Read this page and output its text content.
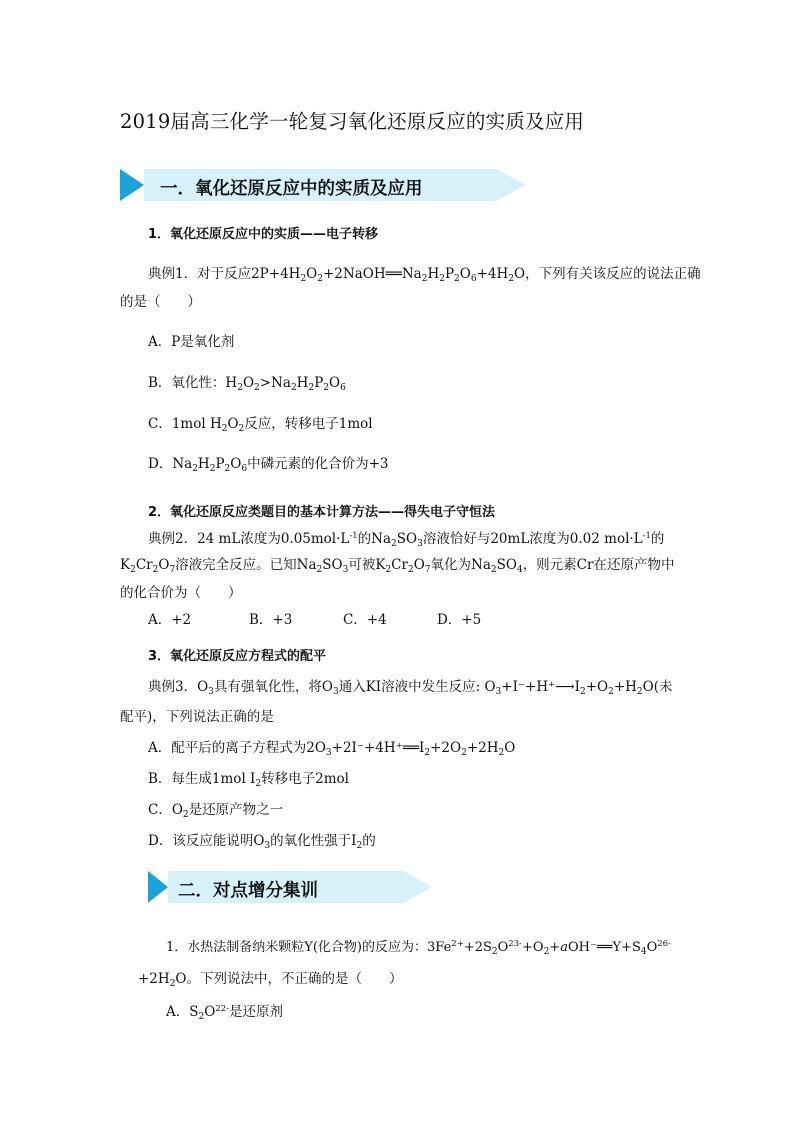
2019届高三化学一轮复习氧化还原反应的实质及应用
一．氧化还原反应中的实质及应用
1．氧化还原反应中的实质——电子转移
典例1．对于反应$2P+4H_2O_2+2NaOH══Na_2H_2P_2O_6+4H_2O$，下列有关该反应的说法正确
的是（　　）
A．P是氧化剂
B．氧化性：$H_2O_2>Na_2H_2P_2O_6$
C．1mol $H_2O_2$反应，转移电子1mol
D．$Na_2H_2P_2O_6$中磷元素的化合价为+3
2．氧化还原反应类题目的基本计算方法——得失电子守恒法
典例2．24 mL浓度为$0.05mol\cdot L^{-1}$的$Na_2SO_3$溶液恰好与20mL浓度为0.02 $mol\cdot L^{-1}$的
$K_2Cr_2O_7$溶液完全反应。已知$Na_2SO_3$可被$K_2Cr_2O_7$氧化为$Na_2SO_4$，则元素Cr在还原产物中
的化合价为（　　）
A．+2	B．+3	C．+4	D．+5
3．氧化还原反应方程式的配平
典例3．$O_3$具有强氧化性，将$O_3$通入KI溶液中发生反应: $O_3+I^-+H^+⟶I_2+O_2+H_2O$(未
配平)，下列说法正确的是
A．配平后的离子方程式为$2O_3+2I^-+4H^+══I_2+2O_2+2H_2O$
B．每生成1mol $I_2$转移电子2mol
C．$O_2$是还原产物之一
D．该反应能说明$O_3$的氧化性强于$I_2$的
二．对点增分集训
1．水热法制备纳米颗粒Y(化合物)的反应为：$3Fe^{2+}+2S_2O^{23-}+O_2+aOH^-══Y+S_4O^{26-}$
$+2H_2O$。下列说法中，不正确的是（　　）
A．$S_2O^{22-}$是还原剂
